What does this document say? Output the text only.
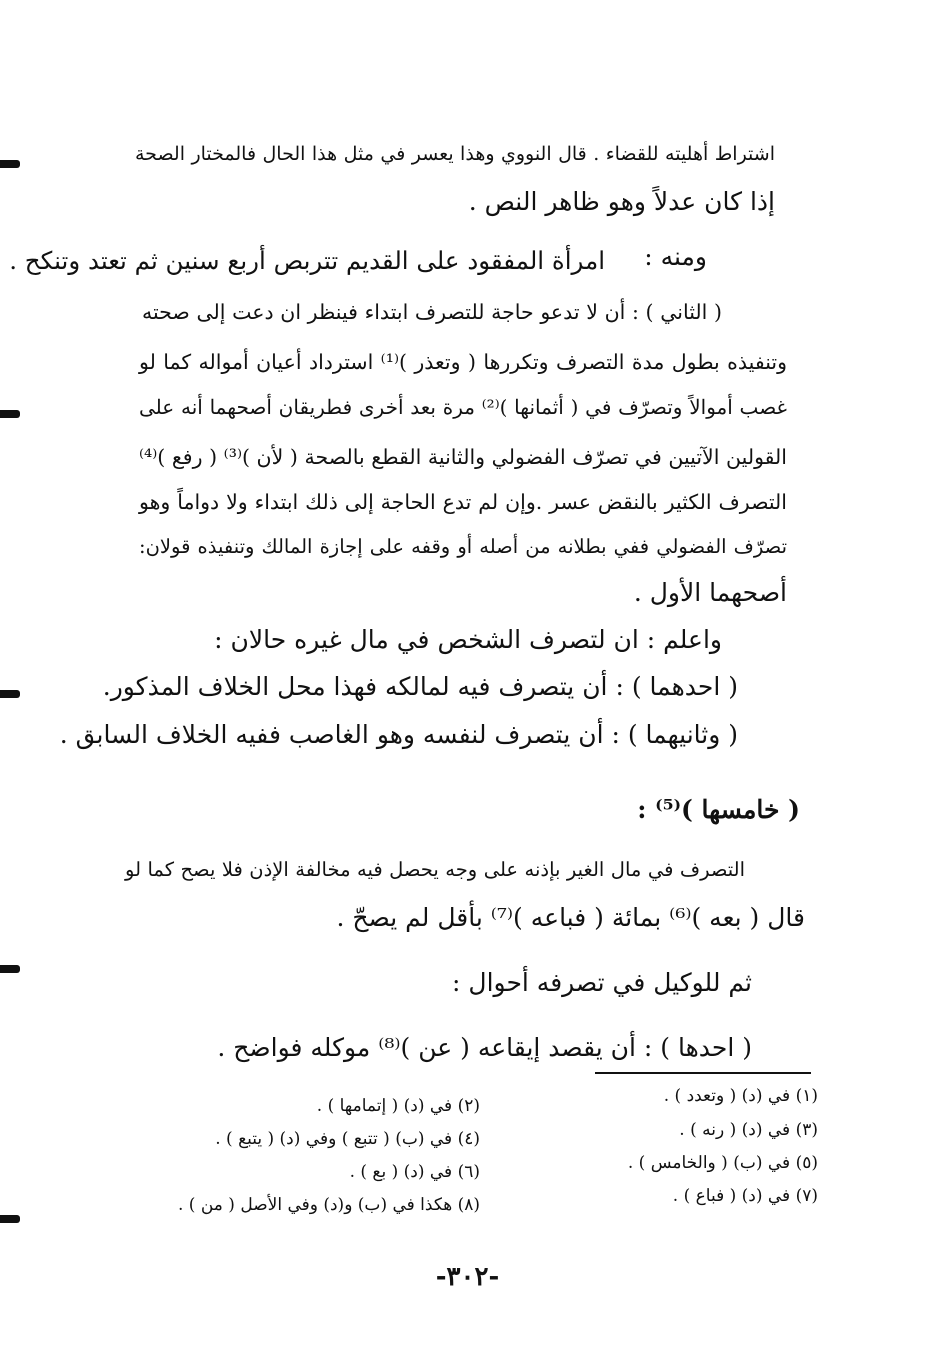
اشتراط أهليته للقضاء . قال النووي وهذا يعسر في مثل هذا الحال فالمختار الصحة
إذا كان عدلاً وهو ظاهر النص .
ومنه :
امرأة المفقود على القديم تتربص أربع سنين ثم تعتد وتنكح .
( الثاني ) : أن لا تدعو حاجة للتصرف ابتداء فينظر ان دعت إلى صحته
وتنفيذه بطول مدة التصرف وتكررها ( وتعذر )⁽¹⁾ استرداد أعيان أمواله كما لو
غصب أموالاً وتصرّف في ( أثمانها )⁽²⁾ مرة بعد أخرى فطريقان أصحهما أنه على
القولين الآتيين في تصرّف الفضولي والثانية القطع بالصحة ( لأن )⁽³⁾ ( رفع )⁽⁴⁾
التصرف الكثير بالنقض عسر .وإن لم تدع الحاجة إلى ذلك ابتداء ولا دواماً وهو
تصرّف الفضولي ففي بطلانه من أصله أو وقفه على إجازة المالك وتنفيذه قولان:
أصحهما الأول .
واعلم : ان لتصرف الشخص في مال غيره حالان :
( احدهما ) : أن يتصرف فيه لمالكه فهذا محل الخلاف المذكور.
( وثانيهما ) : أن يتصرف لنفسه وهو الغاصب ففيه الخلاف السابق .
( خامسها )⁽⁵⁾ :
التصرف في مال الغير بإذنه على وجه يحصل فيه مخالفة الإذن فلا يصح كما لو
قال ( بعه )⁽⁶⁾ بمائة ( فباعه )⁽⁷⁾ بأقل لم يصحّ .
ثم للوكيل في تصرفه أحوال :
( احدها ) : أن يقصد إيقاعه ( عن )⁽⁸⁾ موكله فواضح .
(١) في (د) ( وتعدد ) .
(٣) في (د) ( رنه ) .
(٥) في (ب) ( والخامس ) .
(٧) في (د) ( فباع ) .
(٢) في (د) ( إتمامها ) .
(٤) في (ب) ( تتبع ) وفي (د) ( يتبع ) .
(٦) في (د) ( بع ) .
(٨) هكذا في (ب) و(د) وفي الأصل ( من ) .
-٣٠٢-
